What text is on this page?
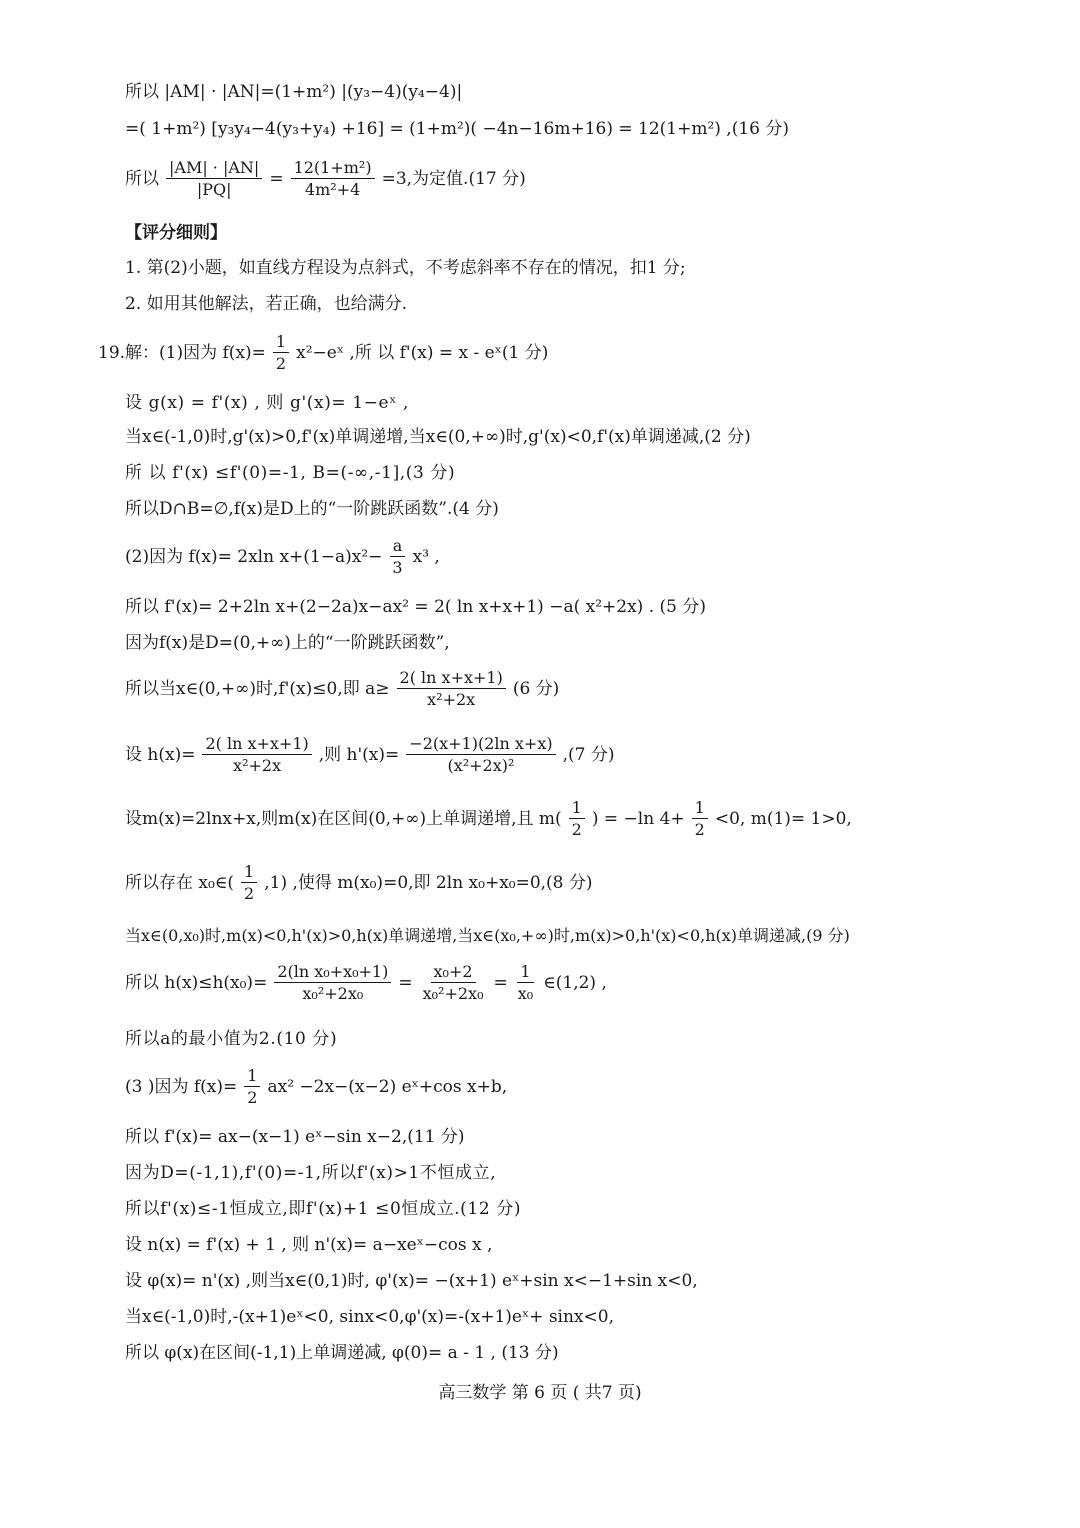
所以 |AM| · |AN|=(1+m²) |(y₃−4)(y₄−4)|
=( 1+m²) [y₃y₄−4(y₃+y₄) +16] = (1+m²)( −4n−16m+16) = 12(1+m²) ,(16 分)
所以 $\frac{|AM| \cdot |AN|}{|PQ|} = \frac{\text{12(1+m²)}}{\text{4m²+4}} =3$,为定值.(17 分)
【评分细则】
1. 第(2)小题，如直线方程设为点斜式，不考虑斜率不存在的情况，扣1 分;
2. 如用其他解法，若正确，也给满分.
19.解：(1)因为 $f(x)= \frac{1}{2}$ x²−eˣ ,所 以 f'(x) = x - eˣ(1 分)
设 g(x) = f'(x) , 则 g'(x)= 1−eˣ ,
当x∈(-1,0)时,g'(x)>0,f'(x)单调递增,当x∈(0,+∞)时,g'(x)<0,f'(x)单调递减,(2 分)
所 以 f'(x) ≤f'(0)=-1, B=(-∞,-1],(3 分)
所以D∩B=∅,f(x)是D上的“一阶跳跃函数”.(4 分)
(2)因为 f(x)= 2xln $x+(1-a)x^2- \frac{a}{3} x^3$ ,
所以 f'(x)= 2+2ln x+(2−2a)x−ax² = 2( ln x+x+1) −a( x²+2x) . (5 分)
因为f(x)是D=(0,+∞)上的“一阶跳跃函数”,
所以当x∈(0,+∞)时,f'(x)≤0,即 $a\ge \frac{\text{2( ln x+x+1)}}{\text{x²+2x}} (6$ 分)
设 $h(x)= \frac{\text{2( ln x+x+1)}}{\text{x²+2x}}$ ,则 $h'(x)= \frac{\text{−2(x+1)(2ln x+x)}}{\text{(x²+2x)²}} ,(7$ 分)
设m(x)=2lnx+x,则m(x)在区间(0,+∞)上单调递增,且 $m( \frac{1}{2}$ ) = −ln $4+ \frac{1}{2} <0$, m(1)= 1>0,
所以存在 x₀∈( $\frac{1}{2} ,1$) ,使得 m(x₀)=0,即 2ln x₀+x₀=0,(8 分)
当x∈(0,x₀)时,m(x)<0,h'(x)>0,h(x)单调递增,当x∈(x₀,+∞)时,m(x)>0,h'(x)<0,h(x)单调递减,(9 分)
所以 $h(x)\le h(x_0)= \frac{\text{2(ln x₀+x₀+1)}}{\text{x₀²+2x₀}} = \frac{\text{x₀+2}}{\text{x₀²+2x₀}} = \frac{1}{\text{x₀}}$ ∈(1,2) ,
所以a的最小值为2.(10 分)
(3 )因为 $f(x)= \frac{1}{2} ax^2 -2x-(x-2)$ eˣ+cos x+b,
所以 f'(x)= ax−(x−1) eˣ−sin x−2,(11 分)
因为D=(-1,1),f'(0)=-1,所以f'(x)>1不恒成立,
所以f'(x)≤-1恒成立,即f'(x)+1 ≤0恒成立.(12 分)
设 n(x) = f'(x) + 1 , 则 n'(x)= a−xeˣ−cos x ,
设 φ(x)= n'(x) ,则当x∈(0,1)时, φ'(x)= −(x+1) eˣ+sin x<−1+sin x<0,
当x∈(-1,0)时,-(x+1)eˣ<0, sinx<0,φ'(x)=-(x+1)eˣ+ sinx<0,
所以 φ(x)在区间(-1,1)上单调递减, φ(0)= a - 1 , (13 分)
高三数学 第 6 页 ( 共7 页)
